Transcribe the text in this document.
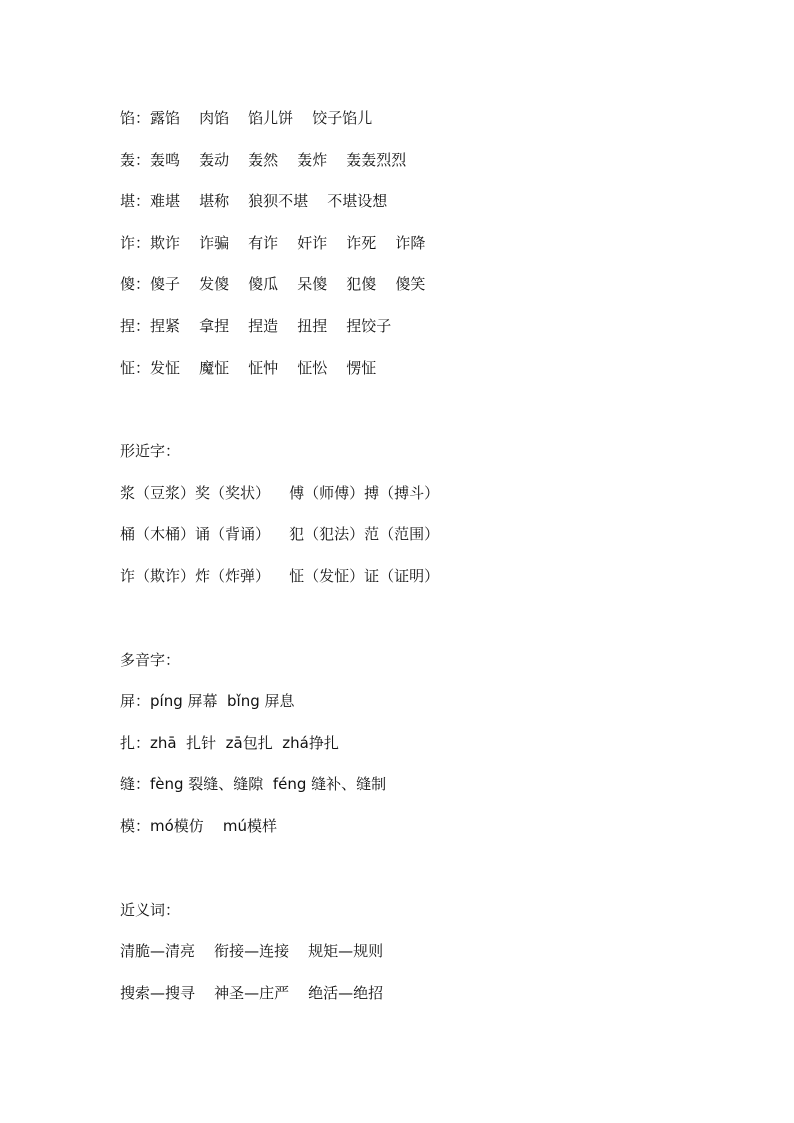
馅：露馅    肉馅    馅儿饼    饺子馅儿
轰：轰鸣    轰动    轰然    轰炸    轰轰烈烈
堪：难堪    堪称    狼狈不堪    不堪设想
诈：欺诈    诈骗    有诈    奸诈    诈死    诈降
傻：傻子    发傻    傻瓜    呆傻    犯傻    傻笑
捏：捏紧    拿捏    捏造    扭捏    捏饺子
怔：发怔    魔怔    怔忡    怔忪    愣怔
形近字：
浆（豆浆）奖（奖状）    傅（师傅）搏（搏斗）
桶（木桶）诵（背诵）    犯（犯法）范（范围）
诈（欺诈）炸（炸弹）    怔（发怔）证（证明）
多音字：
屏：píng 屏幕  bǐng 屏息
扎：zhā  扎针  zā包扎  zhá挣扎
缝：fèng 裂缝、缝隙  féng 缝补、缝制
模：mó模仿    mú模样
近义词：
清脆—清亮    衔接—连接    规矩—规则
搜索—搜寻    神圣—庄严    绝活—绝招
